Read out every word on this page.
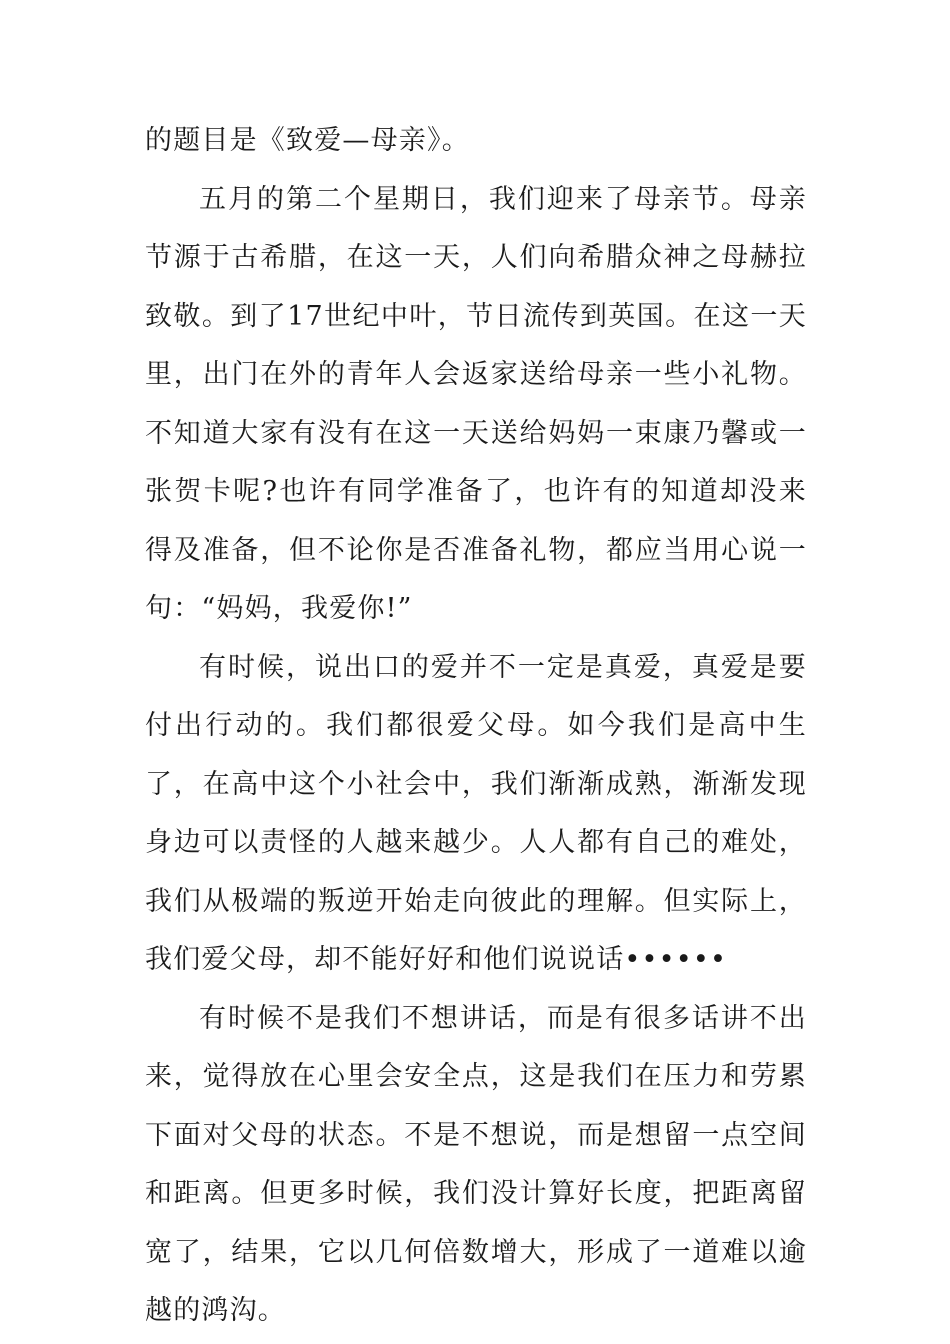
的题目是《致爱—母亲》。

五月的第二个星期日，我们迎来了母亲节。母亲节源于古希腊，在这一天，人们向希腊众神之母赫拉致敬。到了17世纪中叶，节日流传到英国。在这一天里，出门在外的青年人会返家送给母亲一些小礼物。不知道大家有没有在这一天送给妈妈一束康乃馨或一张贺卡呢?也许有同学准备了，也许有的知道却没来得及准备，但不论你是否准备礼物，都应当用心说一句：“妈妈，我爱你!”

有时候，说出口的爱并不一定是真爱，真爱是要付出行动的。我们都很爱父母。如今我们是高中生了，在高中这个小社会中，我们渐渐成熟，渐渐发现身边可以责怪的人越来越少。人人都有自己的难处，我们从极端的叛逆开始走向彼此的理解。但实际上，我们爱父母，却不能好好和他们说说话••••••

有时候不是我们不想讲话，而是有很多话讲不出来，觉得放在心里会安全点，这是我们在压力和劳累下面对父母的状态。不是不想说，而是想留一点空间和距离。但更多时候，我们没计算好长度，把距离留宽了，结果，它以几何倍数增大，形成了一道难以逾越的鸿沟。
